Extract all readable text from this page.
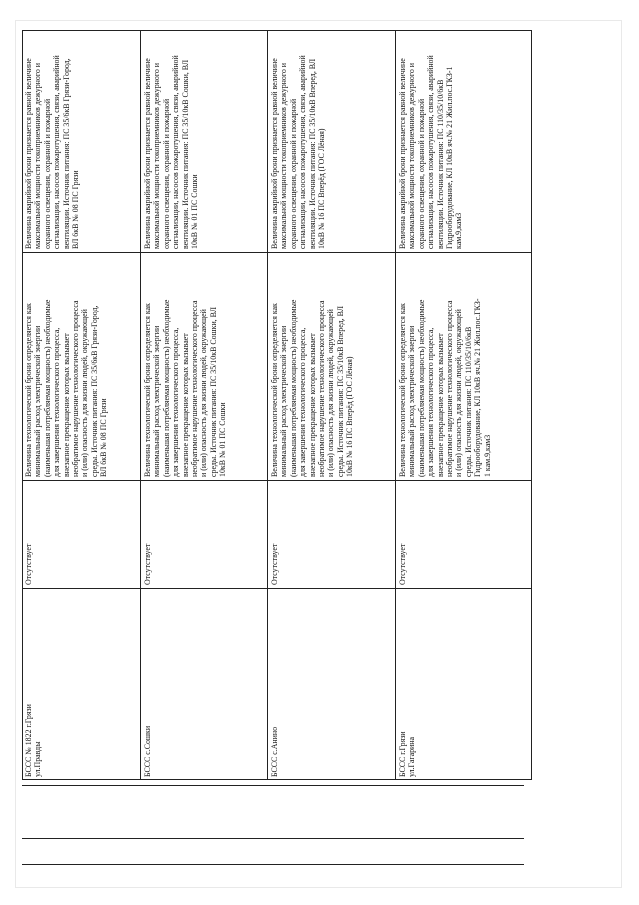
БССС № 1822 г.Грязи ул.Правды
Отсутствует
Величина технологической брони определяется как минимальный расход электрической энергии (наименьшая потребляемая мощность) необходимые для завершения технологического процесса, внезапное прекращение которых вызывает необратимое нарушение технологического процесса и (или) опасность для жизни людей, окружающей среды. Источник питания: ПС 35/6кВ Грязи-Город, ВЛ 6кВ № 08 ПС Грязи
Величина аварийной брони признается равной величине максимальной мощности токоприемников дежурного и охранного освещения, охранной и пожарной сигнализации, насосов пожаротушения, связи, аварийной вентиляции. Источник питания: ПС 35/6кВ Грязи-Город, ВЛ 6кВ № 08 ПС Грязи
БССС с.Сошки
Отсутствует
Величина технологической брони определяется как минимальный расход электрической энергии (наименьшая потребляемая мощность) необходимые для завершения технологического процесса, внезапное прекращение которых вызывает необратимое нарушение технологического процесса и (или) опасность для жизни людей, окружающей среды. Источник питания: ПС 35/10кВ Сошки, ВЛ 10кВ № 01 ПС Сошки
Величина аварийной брони признается равной величине максимальной мощности токоприемников дежурного и охранного освещения, охранной и пожарной сигнализации, насосов пожаротушения, связи, аварийной вентиляции. Источник питания: ПС 35/10кВ Сошки, ВЛ 10кВ № 01 ПС Сошки
БССС с.Анино
Отсутствует
Величина технологической брони определяется как минимальный расход электрической энергии (наименьшая потребляемая мощность) необходимые для завершения технологического процесса, внезапное прекращение которых вызывает необратимое нарушение технологического процесса и (или) опасность для жизни людей, окружающей среды. Источник питания: ПС 35/10кВ Вперед, ВЛ 10кВ № 16 ПС Вперёд (ГОС Лёная)
Величина аварийной брони признается равной величине максимальной мощности токоприемников дежурного и охранного освещения, охранной и пожарной сигнализации, насосов пожаротушения, связи, аварийной вентиляции. Источник питания: ПС 35/10кВ Вперед, ВЛ 10кВ № 16 ПС Вперёд (ГОС Лёная)
БССС г.Грязи ул.Гагарина
Отсутствует
Величина технологической брони определяется как минимальный расход электрической энергии (наименьшая потребляемая мощность) необходимые для завершения технологического процесса, внезапное прекращение которых вызывает необратимое нарушение технологического процесса и (или) опасность для жизни людей, окружающей среды. Источник питания: ПС 110/35/10/6кВ Гидрооборудование, КЛ 10кВ яч.№ 21 Жил.пос.ГКЗ- 1 кам.9,кам3
Величина аварийной брони признается равной величине максимальной мощности токоприемников дежурного и охранного освещения, охранной и пожарной сигнализации, насосов пожаротушения, связи, аварийной вентиляции. Источник питания: ПС 110/35/10/6кВ Гидрооборудование, КЛ 10кВ яч.№ 21 Жил.пос.ГКЗ-1 кам.9,кам3
